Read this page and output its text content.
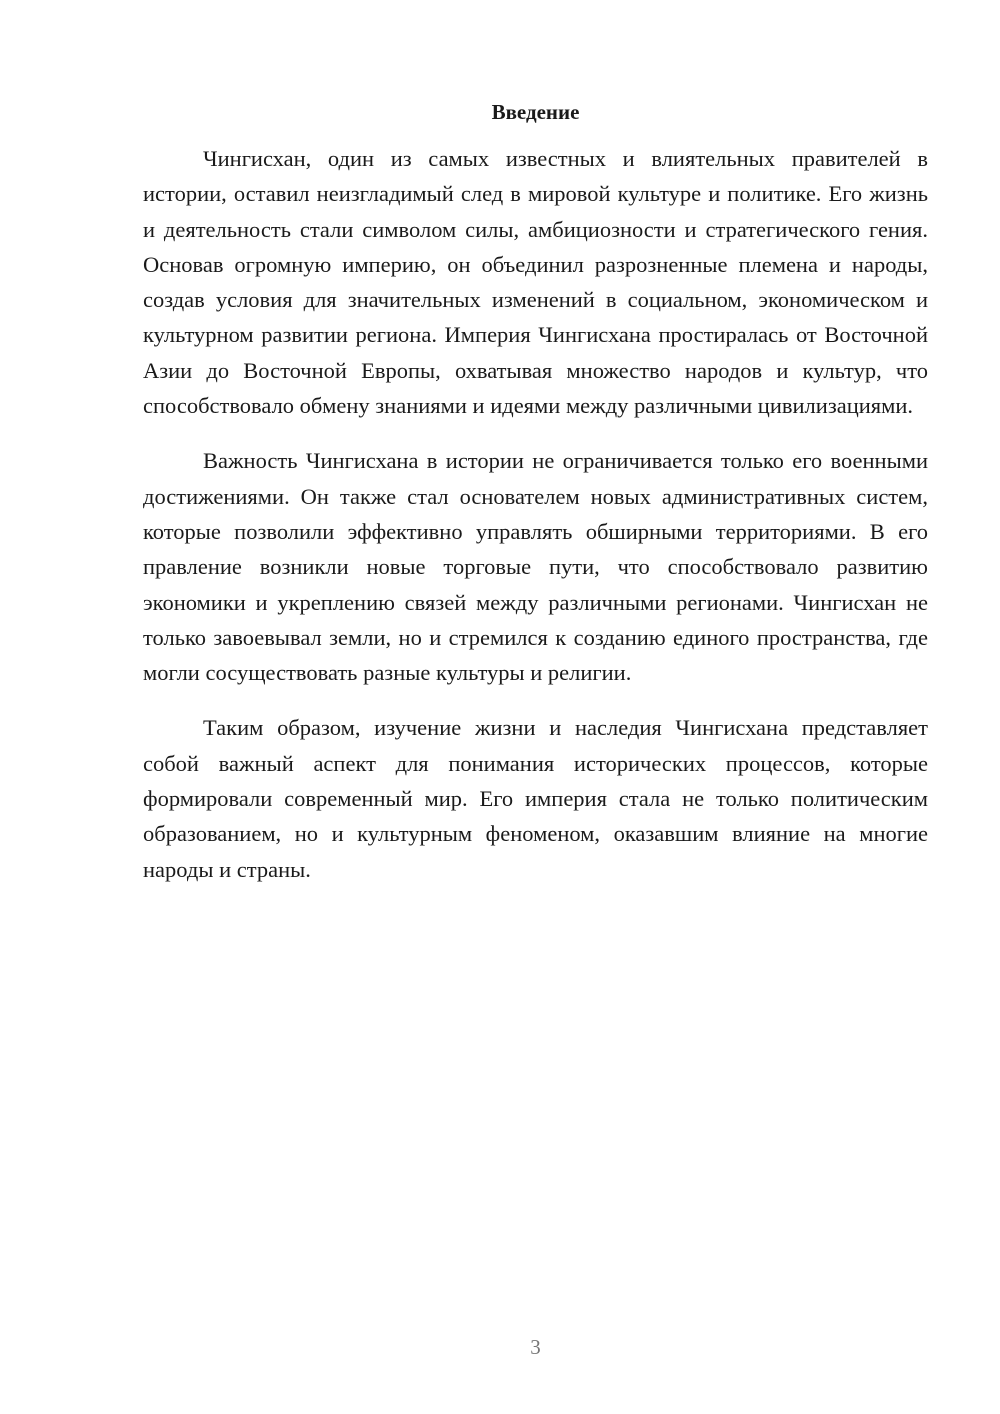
Введение

Чингисхан, один из самых известных и влиятельных правителей в истории, оставил неизгладимый след в мировой культуре и политике. Его жизнь и деятельность стали символом силы, амбициозности и стратегического гения. Основав огромную империю, он объединил разрозненные племена и народы, создав условия для значительных изменений в социальном, экономическом и культурном развитии региона. Империя Чингисхана простиралась от Восточной Азии до Восточной Европы, охватывая множество народов и культур, что способствовало обмену знаниями и идеями между различными цивилизациями.

Важность Чингисхана в истории не ограничивается только его военными достижениями. Он также стал основателем новых административных систем, которые позволили эффективно управлять обширными территориями. В его правление возникли новые торговые пути, что способствовало развитию экономики и укреплению связей между различными регионами. Чингисхан не только завоевывал земли, но и стремился к созданию единого пространства, где могли сосуществовать разные культуры и религии.

Таким образом, изучение жизни и наследия Чингисхана представляет собой важный аспект для понимания исторических процессов, которые формировали современный мир. Его империя стала не только политическим образованием, но и культурным феноменом, оказавшим влияние на многие народы и страны.

3
